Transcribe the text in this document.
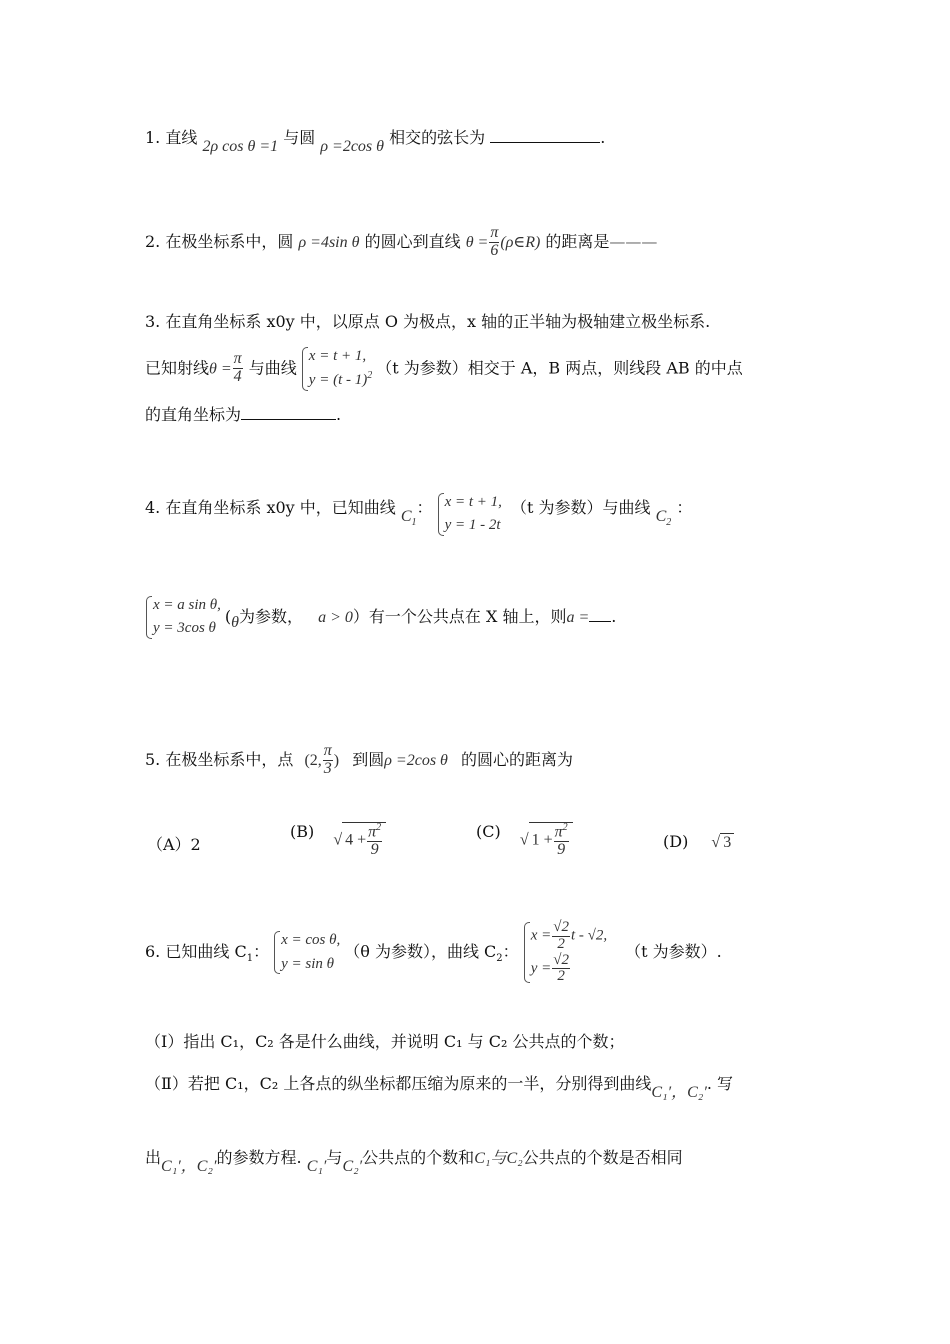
1. 直线 2ρ cos θ =1 与圆 ρ =2cos θ 相交的弦长为	.
2. 在极坐标系中，圆 ρ =4sin θ 的圆心到直线 $\theta = \frac{\pi}{6}$ (ρ∈R) 的距离是———
3. 在直角坐标系 x0y 中，以原点 O 为极点，x 轴的正半轴为极轴建立极坐标系.
已知射线$\theta = \frac{\pi}{4}$ 与曲线
x = t + 1,
y = (t - 1)$^2$ （t 为参数）相交于 A，B 两点，则线段 AB 的中点
的直角坐标为	.
4. 在直角坐标系 x0y 中，已知曲线 $C_1$： x = t + 1,
y = 1 - 2t
（t 为参数）与曲线 $C_2$ ：
x = a sin θ,
y = 3cos θ
(θ为参数， a > 0）有一个公共点在 X 轴上，则a = .
5. 在极坐标系中，点 (2, $\frac{\pi}{3}$ ) 到圆ρ =2cos θ 的圆心的距离为
（A）2
(B) √ $4 + \frac{\pi^2}{9}$	(C) √ $1 + \frac{\pi^2}{9}$	(D) √ 3
6. 已知曲线 $C_1$：
x = cos θ,
y = sin θ
（θ 为参数），曲线 $C_2$：
$x = \frac{√2}{2}$ t - √2,
$y = \frac{√2}{2}$
（t 为参数）.
（Ⅰ）指出 C₁，C₂ 各是什么曲线，并说明 C₁ 与 C₂ 公共点的个数；
（Ⅱ）若把 C₁，C₂ 上各点的纵坐标都压缩为原来的一半，分别得到曲线C₁′，C₂′. 写
出C₁′，C₂′的参数方程. C₁′与C₂′公共点的个数和C₁与C₂公共点的个数是否相同
